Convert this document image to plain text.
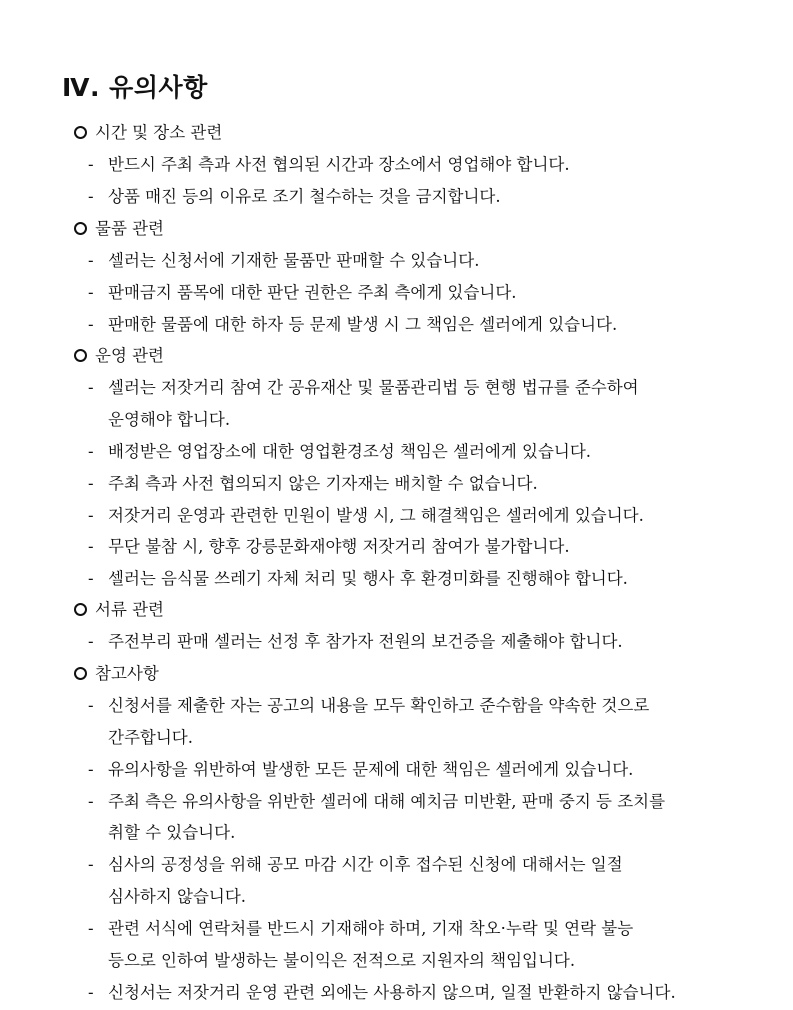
Ⅳ. 유의사항
시간 및 장소 관련
- 반드시 주최 측과 사전 협의된 시간과 장소에서 영업해야 합니다.
- 상품 매진 등의 이유로 조기 철수하는 것을 금지합니다.
물품 관련
- 셀러는 신청서에 기재한 물품만 판매할 수 있습니다.
- 판매금지 품목에 대한 판단 권한은 주최 측에게 있습니다.
- 판매한 물품에 대한 하자 등 문제 발생 시 그 책임은 셀러에게 있습니다.
운영 관련
- 셀러는 저잣거리 참여 간 공유재산 및 물품관리법 등 현행 법규를 준수하여
운영해야 합니다.
- 배정받은 영업장소에 대한 영업환경조성 책임은 셀러에게 있습니다.
- 주최 측과 사전 협의되지 않은 기자재는 배치할 수 없습니다.
- 저잣거리 운영과 관련한 민원이 발생 시, 그 해결책임은 셀러에게 있습니다.
- 무단 불참 시, 향후 강릉문화재야행 저잣거리 참여가 불가합니다.
- 셀러는 음식물 쓰레기 자체 처리 및 행사 후 환경미화를 진행해야 합니다.
서류 관련
- 주전부리 판매 셀러는 선정 후 참가자 전원의 보건증을 제출해야 합니다.
참고사항
- 신청서를 제출한 자는 공고의 내용을 모두 확인하고 준수함을 약속한 것으로
간주합니다.
- 유의사항을 위반하여 발생한 모든 문제에 대한 책임은 셀러에게 있습니다.
- 주최 측은 유의사항을 위반한 셀러에 대해 예치금 미반환, 판매 중지 등 조치를
취할 수 있습니다.
- 심사의 공정성을 위해 공모 마감 시간 이후 접수된 신청에 대해서는 일절
심사하지 않습니다.
- 관련 서식에 연락처를 반드시 기재해야 하며, 기재 착오·누락 및 연락 불능
등으로 인하여 발생하는 불이익은 전적으로 지원자의 책임입니다.
- 신청서는 저잣거리 운영 관련 외에는 사용하지 않으며, 일절 반환하지 않습니다.
